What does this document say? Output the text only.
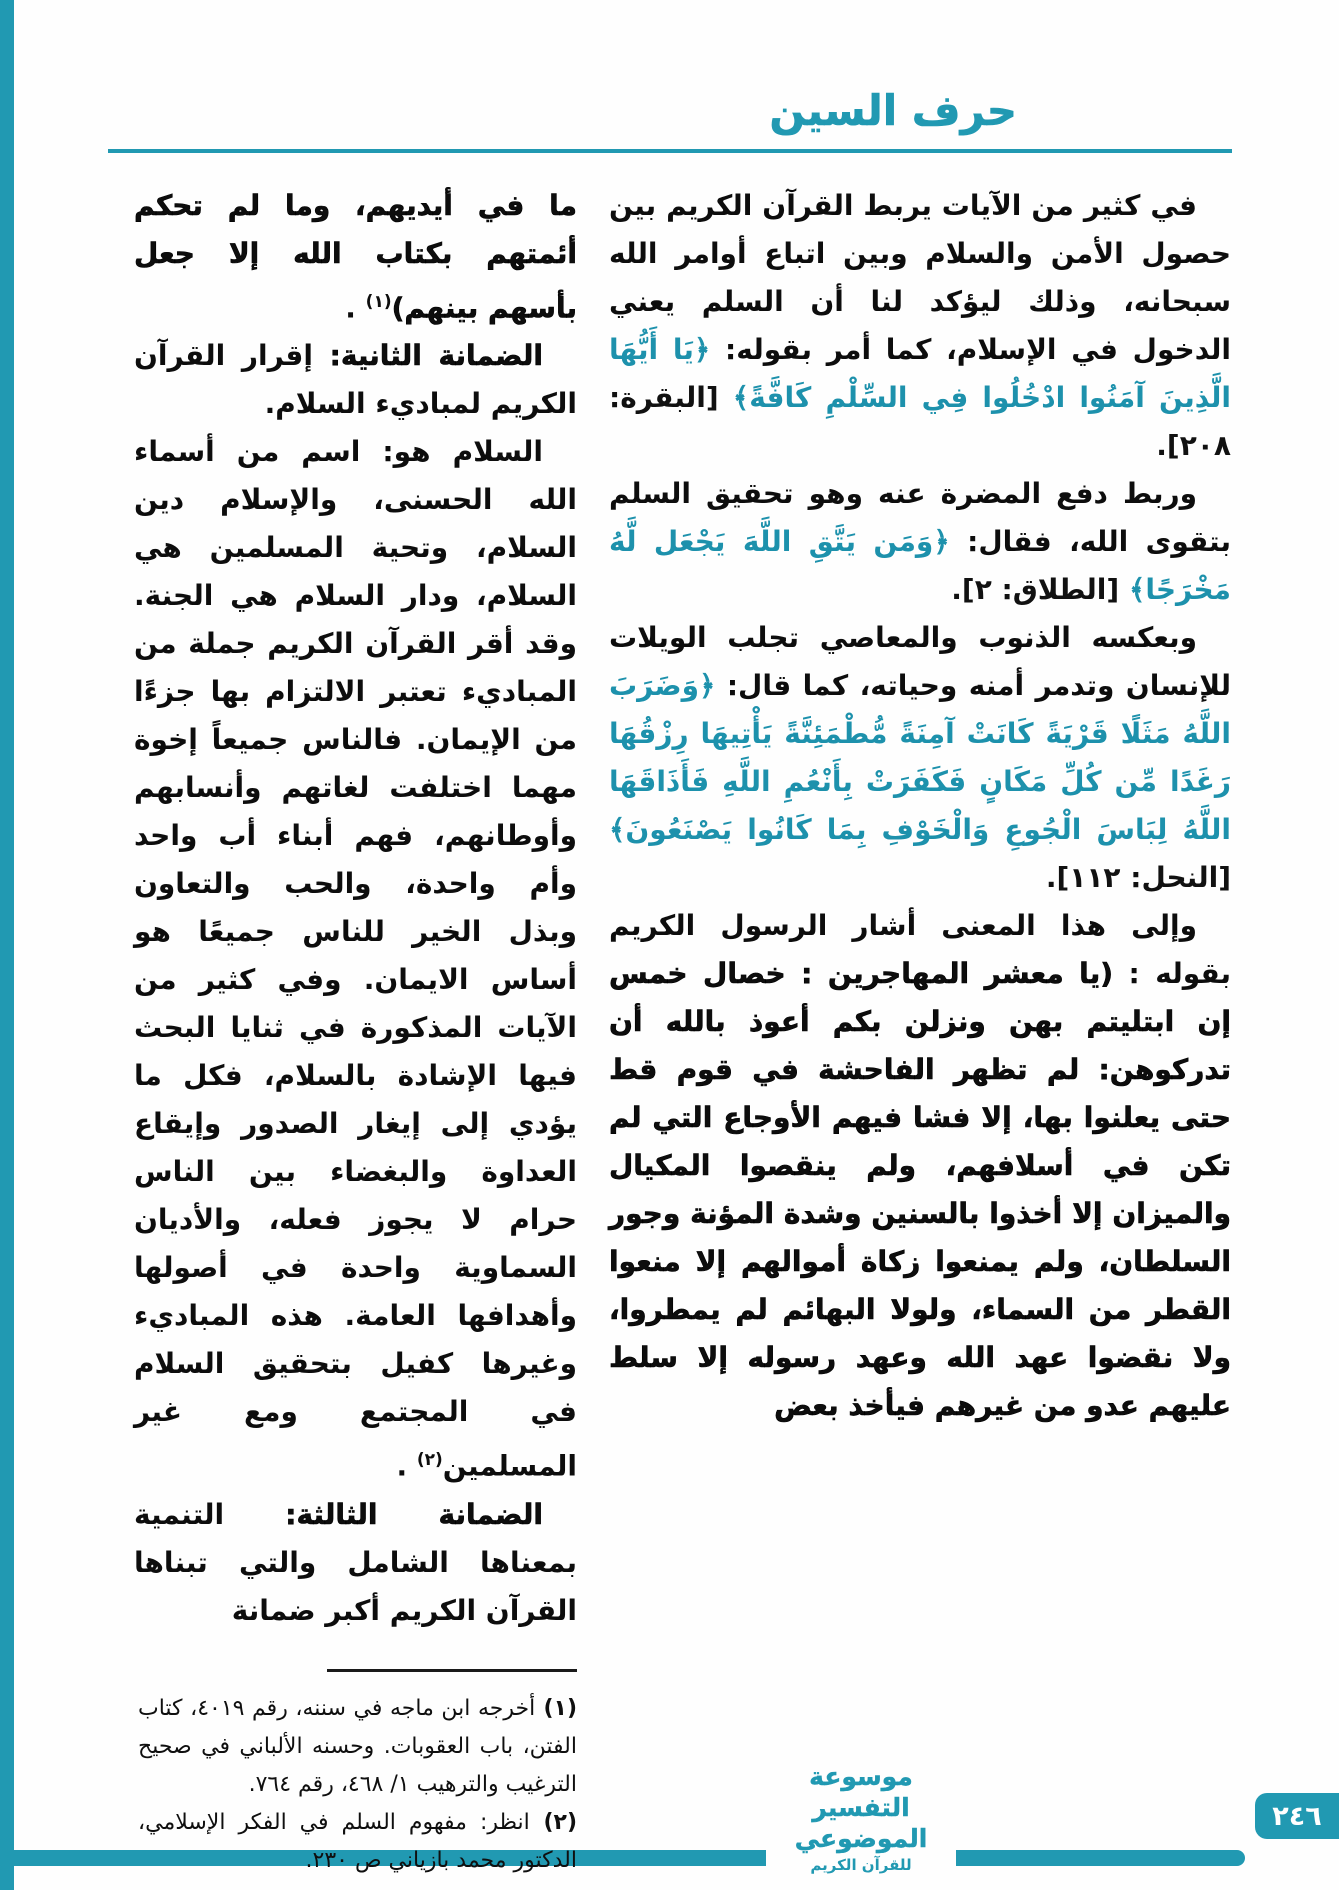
حرف السين

في كثير من الآيات يربط القرآن الكريم بين حصول الأمن والسلام وبين اتباع أوامر الله سبحانه، وذلك ليؤكد لنا أن السلم يعني الدخول في الإسلام، كما أمر بقوله: ﴿يَا أَيُّهَا الَّذِينَ آمَنُوا ادْخُلُوا فِي السِّلْمِ كَافَّةً﴾ [البقرة: ٢٠٨].

وربط دفع المضرة عنه وهو تحقيق السلم بتقوى الله، فقال: ﴿وَمَن يَتَّقِ اللَّهَ يَجْعَل لَّهُ مَخْرَجًا﴾ [الطلاق: ٢].

وبعكسه الذنوب والمعاصي تجلب الويلات للإنسان وتدمر أمنه وحياته، كما قال: ﴿وَضَرَبَ اللَّهُ مَثَلًا قَرْيَةً كَانَتْ آمِنَةً مُّطْمَئِنَّةً يَأْتِيهَا رِزْقُهَا رَغَدًا مِّن كُلِّ مَكَانٍ فَكَفَرَتْ بِأَنْعُمِ اللَّهِ فَأَذَاقَهَا اللَّهُ لِبَاسَ الْجُوعِ وَالْخَوْفِ بِمَا كَانُوا يَصْنَعُونَ﴾ [النحل: ١١٢].

وإلى هذا المعنى أشار الرسول الكريم بقوله : (يا معشر المهاجرين : خصال خمس إن ابتليتم بهن ونزلن بكم أعوذ بالله أن تدركوهن: لم تظهر الفاحشة في قوم قط حتى يعلنوا بها، إلا فشا فيهم الأوجاع التي لم تكن في أسلافهم، ولم ينقصوا المكيال والميزان إلا أخذوا بالسنين وشدة المؤنة وجور السلطان، ولم يمنعوا زكاة أموالهم إلا منعوا القطر من السماء، ولولا البهائم لم يمطروا، ولا نقضوا عهد الله وعهد رسوله إلا سلط عليهم عدو من غيرهم فيأخذ بعض

ما في أيديهم، وما لم تحكم أئمتهم بكتاب الله إلا جعل بأسهم بينهم)$^{(١)}$ .

الضمانة الثانية: إقرار القرآن الكريم لمباديء السلام.

السلام هو: اسم من أسماء الله الحسنى، والإسلام دين السلام، وتحية المسلمين هي السلام، ودار السلام هي الجنة. وقد أقر القرآن الكريم جملة من المباديء تعتبر الالتزام بها جزءًا من الإيمان. فالناس جميعاً إخوة مهما اختلفت لغاتهم وأنسابهم وأوطانهم، فهم أبناء أب واحد وأم واحدة، والحب والتعاون وبذل الخير للناس جميعًا هو أساس الايمان. وفي كثير من الآيات المذكورة في ثنايا البحث فيها الإشادة بالسلام، فكل ما يؤدي إلى إيغار الصدور وإيقاع العداوة والبغضاء بين الناس حرام لا يجوز فعله، والأديان السماوية واحدة في أصولها وأهدافها العامة. هذه المباديء وغيرها كفيل بتحقيق السلام في المجتمع ومع غير المسلمين$^{(٢)}$ .

الضمانة الثالثة: التنمية بمعناها الشامل والتي تبناها القرآن الكريم أكبر ضمانة

(١) أخرجه ابن ماجه في سننه، رقم ٤٠١٩، كتاب الفتن، باب العقوبات. وحسنه الألباني في صحيح الترغيب والترهيب ١/ ٤٦٨، رقم ٧٦٤.

(٢) انظر: مفهوم السلم في الفكر الإسلامي، الدكتور محمد بازياني ص ٢٣٠.

موسوعة التفسير الموضوعي
للقرآن الكريم
٢٤٦
